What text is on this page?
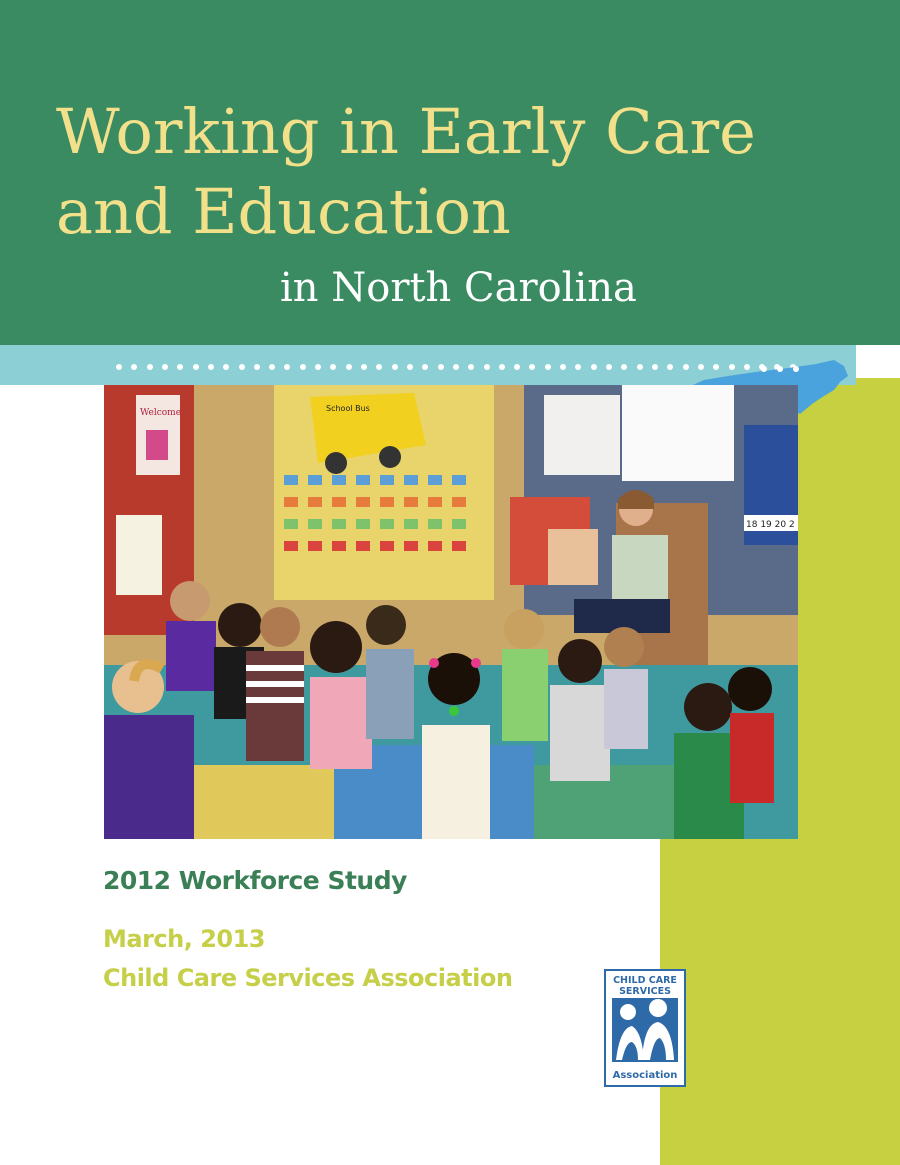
Working in Early Care
and Education
in North Carolina
Welcome	School Bus
18 19 20 2
2012 Workforce Study

March, 2013

Child Care Services Association	CHILD CARE
SERVICES
Association
